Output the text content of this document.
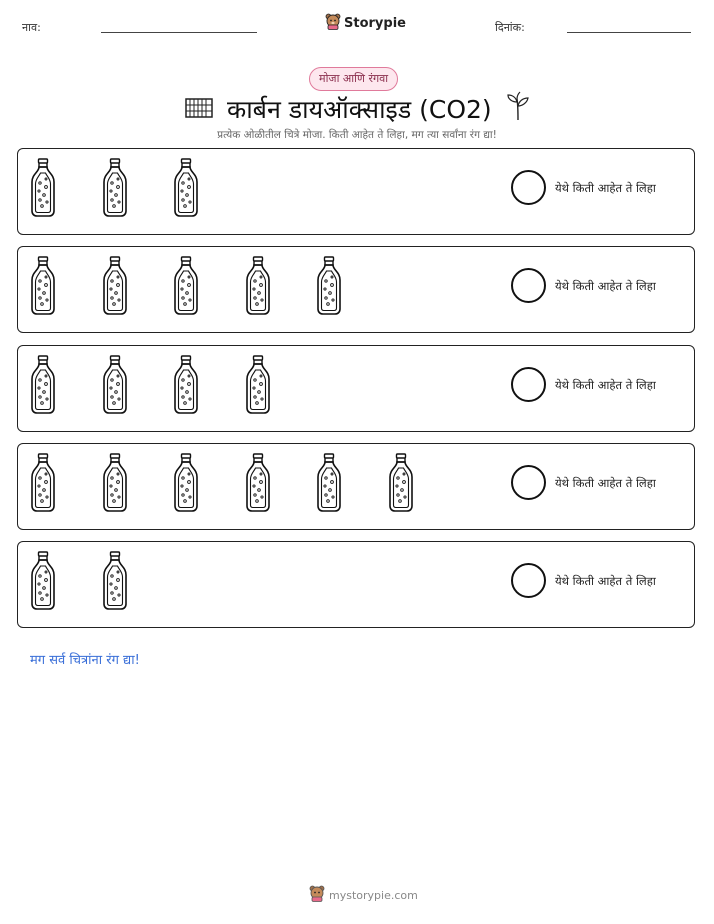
नाव:	Storypie	दिनांक:
मोजा आणि रंगवा
कार्बन डायऑक्साइड (CO2)
प्रत्येक ओळीतील चित्रे मोजा. किती आहेत ते लिहा, मग त्या सर्वांना रंग द्या!
येथे किती आहेत ते लिहा
येथे किती आहेत ते लिहा
येथे किती आहेत ते लिहा
येथे किती आहेत ते लिहा
येथे किती आहेत ते लिहा
मग सर्व चित्रांना रंग द्या!
mystorypie.com
